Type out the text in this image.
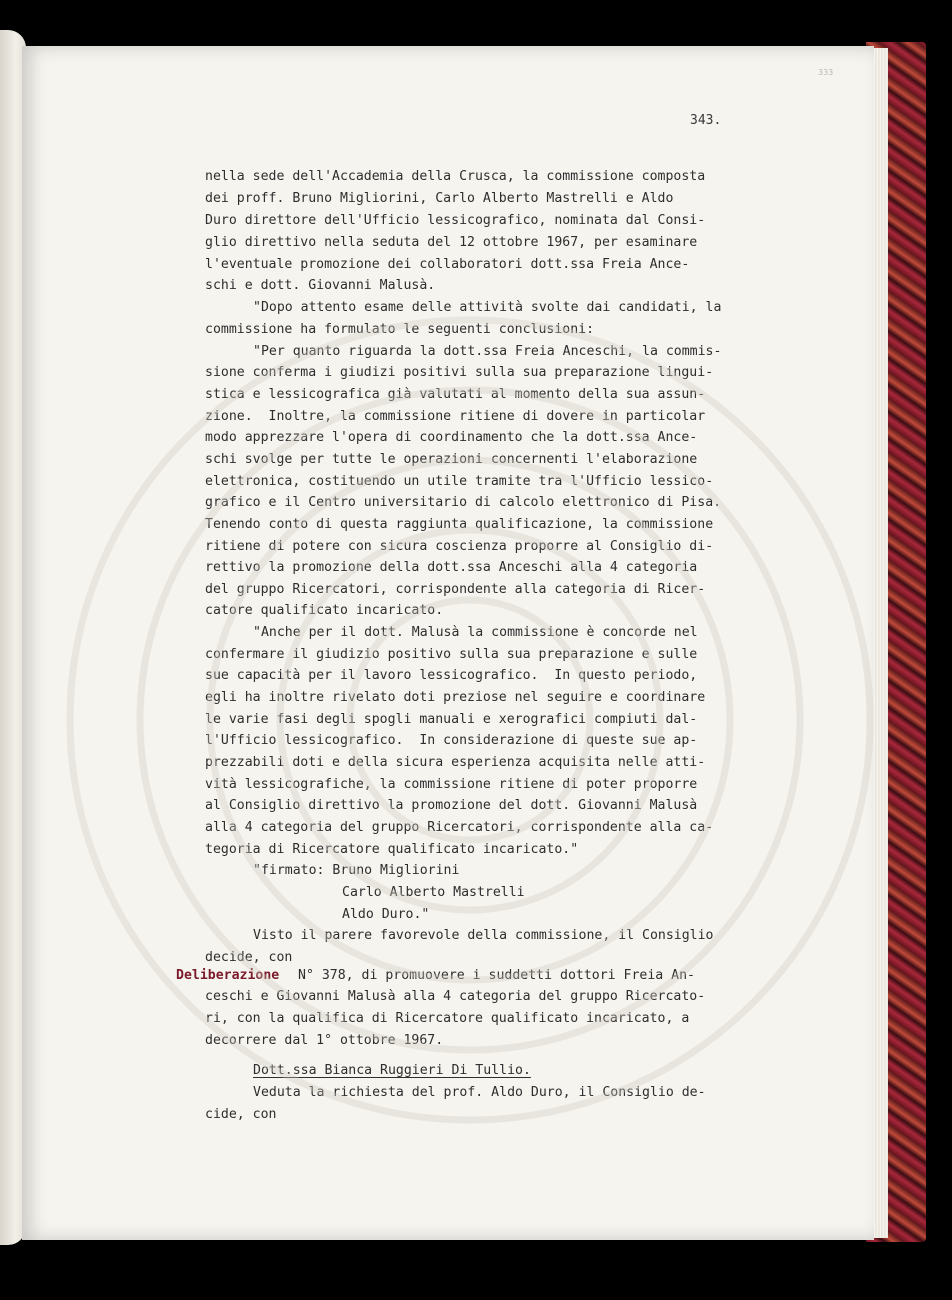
333
343.
nella sede dell'Accademia della Crusca, la commissione composta
dei proff. Bruno Migliorini, Carlo Alberto Mastrelli e Aldo
Duro direttore dell'Ufficio lessicografico, nominata dal Consi-
glio direttivo nella seduta del 12 ottobre 1967, per esaminare
l'eventuale promozione dei collaboratori dott.ssa Freia Ance-
schi e dott. Giovanni Malusà.
"Dopo attento esame delle attività svolte dai candidati, la
commissione ha formulato le seguenti conclusioni:
"Per quanto riguarda la dott.ssa Freia Anceschi, la commis-
sione conferma i giudizi positivi sulla sua preparazione lingui-
stica e lessicografica già valutati al momento della sua assun-
zione.  Inoltre, la commissione ritiene di dovere in particolar
modo apprezzare l'opera di coordinamento che la dott.ssa Ance-
schi svolge per tutte le operazioni concernenti l'elaborazione
elettronica, costituendo un utile tramite tra l'Ufficio lessico-
grafico e il Centro universitario di calcolo elettronico di Pisa.
Tenendo conto di questa raggiunta qualificazione, la commissione
ritiene di potere con sicura coscienza proporre al Consiglio di-
rettivo la promozione della dott.ssa Anceschi alla 4 categoria
del gruppo Ricercatori, corrispondente alla categoria di Ricer-
catore qualificato incaricato.
"Anche per il dott. Malusà la commissione è concorde nel
confermare il giudizio positivo sulla sua preparazione e sulle
sue capacità per il lavoro lessicografico.  In questo periodo,
egli ha inoltre rivelato doti preziose nel seguire e coordinare
le varie fasi degli spogli manuali e xerografici compiuti dal-
l'Ufficio lessicografico.  In considerazione di queste sue ap-
prezzabili doti e della sicura esperienza acquisita nelle atti-
vità lessicografiche, la commissione ritiene di poter proporre
al Consiglio direttivo la promozione del dott. Giovanni Malusà
alla 4 categoria del gruppo Ricercatori, corrispondente alla ca-
tegoria di Ricercatore qualificato incaricato."
"firmato: Bruno Migliorini
Carlo Alberto Mastrelli
Aldo Duro."
Visto il parere favorevole della commissione, il Consiglio
decide, con
N° 378, di promuovere i suddetti dottori Freia An-
ceschi e Giovanni Malusà alla 4 categoria del gruppo Ricercato-
ri, con la qualifica di Ricercatore qualificato incaricato, a
decorrere dal 1° ottobre 1967.
Dott.ssa Bianca Ruggieri Di Tullio.
Veduta la richiesta del prof. Aldo Duro, il Consiglio de-
cide, con
Deliberazione
